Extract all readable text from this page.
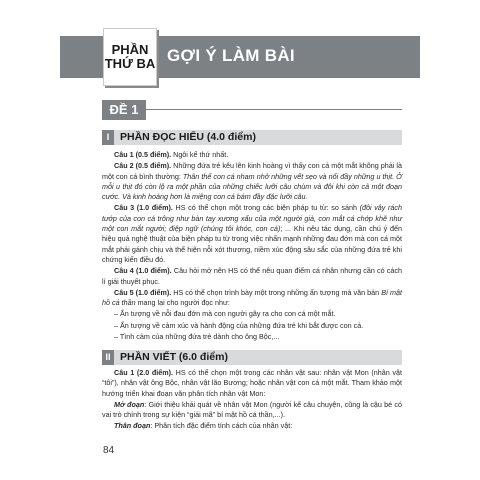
PHẦN
THỨ BA GỢI Ý LÀM BÀI
ĐỀ 1
I PHẦN ĐỌC HIỂU (4.0 điểm)

Câu 1 (0.5 điểm). Ngôi kể thứ nhất.

Câu 2 (0.5 điểm). Những đứa trẻ kêu lên kinh hoàng vì thấy con cá một mắt không phải là một con cá bình thường: Thân thể con cá nham nhở những vết sẹo và nổi đầy những u thịt. Ở mỗi u thịt đó còn lộ ra một phần của những chiếc lưỡi câu chùm và đôi khi còn cả một đoạn cước. Và kinh hoàng hơn là miệng con cá bám đầy đặc lưỡi câu.

Câu 3 (1.0 điểm). HS có thể chọn một trong các biện pháp tu từ: so sánh (đôi vây rách tướp của con cá trông như bàn tay xương xẩu của một người già, con mắt cá chớp khẽ như một con mắt người; điệp ngữ (chúng tôi khóc, con cá); ... Khi nêu tác dụng, cần chú ý đến hiệu quả nghệ thuật của biện pháp tu từ trong việc nhấn mạnh những đau đớn mà con cá một mắt phải gánh chịu và thể hiện nỗi xót thương, niềm xúc động sâu sắc của những đứa trẻ khi chứng kiến điều đó.

Câu 4 (1.0 điểm). Câu hỏi mở nên HS có thể nêu quan điểm cá nhân nhưng cần có cách lí giải thuyết phục.

Câu 5 (1.0 điểm). HS có thể chọn trình bày một trong những ấn tượng mà văn bản Bí mật hồ cá thần mang lại cho người đọc như:

– Ấn tượng về nỗi đau đớn mà con người gây ra cho con cá một mắt.

– Ấn tượng về cảm xúc và hành động của những đứa trẻ khi bắt được con cá.

– Tình cảm của những đứa trẻ dành cho ông Bộc,...

II PHẦN VIẾT (6.0 điểm)

Câu 1 (2.0 điểm). HS có thể chọn một trong các nhân vật sau: nhân vật Mon (nhân vật “tôi”), nhân vật ông Bộc, nhân vật lão Bương; hoặc nhân vật con cá một mắt. Tham khảo một hướng triển khai đoạn văn phân tích nhân vật Mon:

Mở đoạn: Giới thiệu khái quát về nhân vật Mon (người kể câu chuyện, cũng là cậu bé có vai trò chính trong sự kiện “giải mã” bí mật hồ cá thần,...).

Thân đoạn: Phân tích đặc điểm tính cách của nhân vật:

84
